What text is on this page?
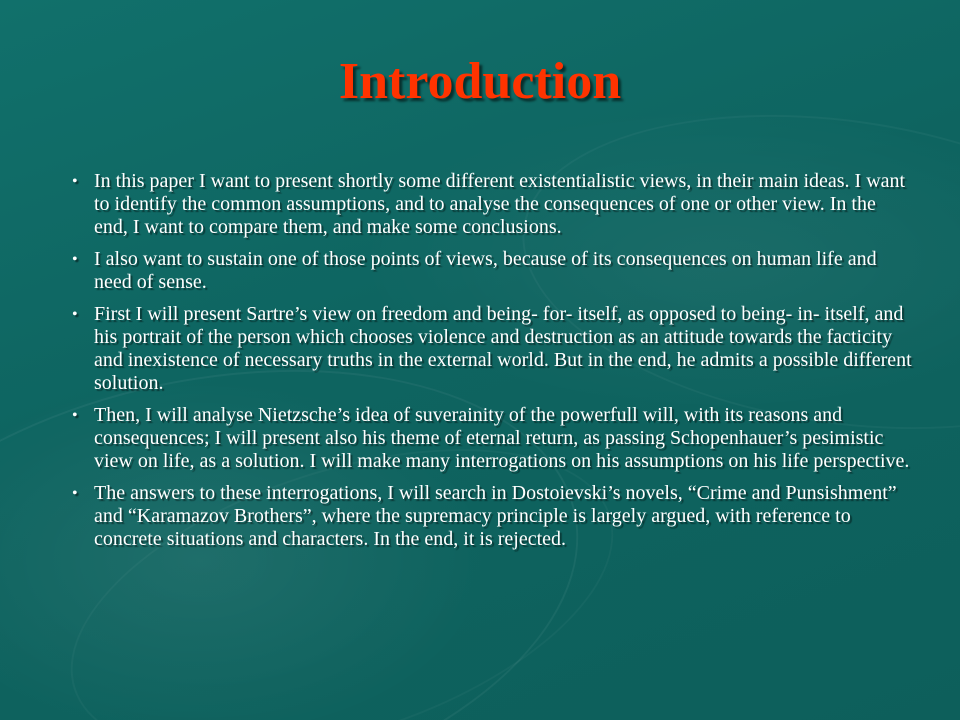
Introduction
• In this paper I want to present shortly some different existentialistic views, in their main ideas. I want to identify the common assumptions, and to analyse the consequences of one or other view. In the end, I want to compare them, and make some conclusions.
• I also want to sustain one of those points of views, because of its consequences on human life and need of sense.
• First I will present Sartre’s view on freedom and being- for- itself, as opposed to being- in- itself, and his portrait of the person which chooses violence and destruction as an attitude towards the facticity and inexistence of necessary truths in the external world. But in the end, he admits a possible different solution.
• Then, I will analyse Nietzsche’s idea of suverainity of the powerfull will, with its reasons and consequences; I will present also his theme of eternal return, as passing Schopenhauer’s pesimistic view on life, as a solution. I will make many interrogations on his assumptions on his life perspective.
• The answers to these interrogations, I will search in Dostoievski’s novels, “Crime and Punsishment” and “Karamazov Brothers”, where the supremacy principle is largely argued, with reference to concrete situations and characters. In the end, it is rejected.
